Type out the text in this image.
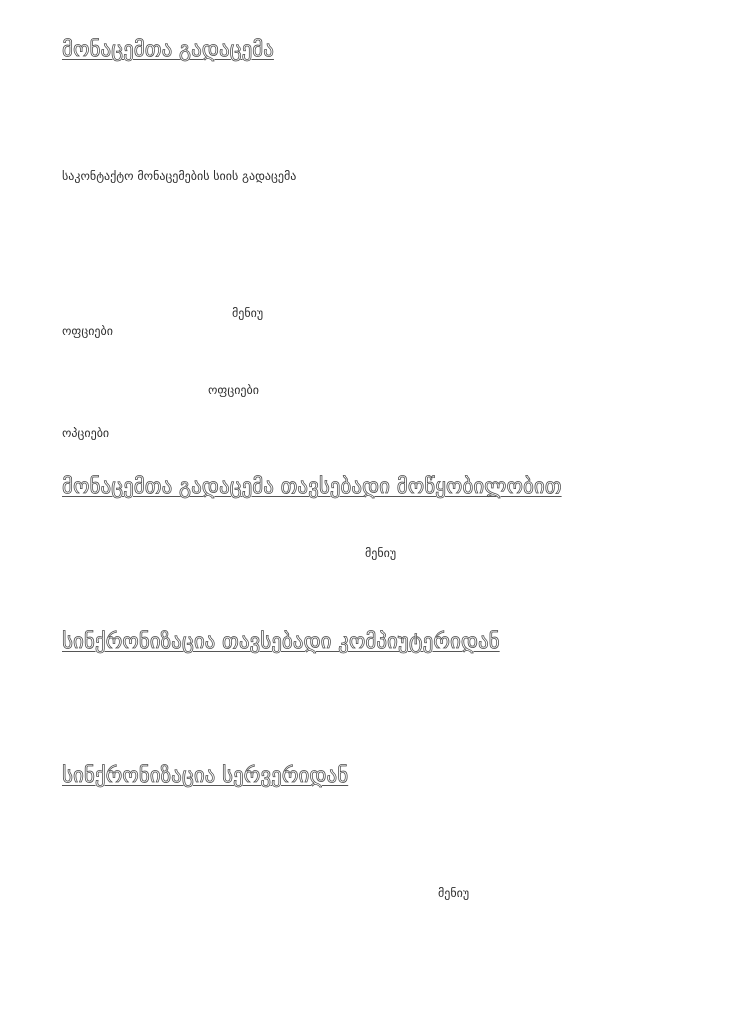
მონაცემთა გადაცემა

საკონტაქტო მონაცემების სიის გადაცემა

მენიუ

ოფციები

ოფციები

ოპციები

მონაცემთა გადაცემა თავსებადი მოწყობილობით
მენიუ
სინქრონიზაცია თავსებადი კომპიუტერიდან
სინქრონიზაცია სერვერიდან
მენიუ
